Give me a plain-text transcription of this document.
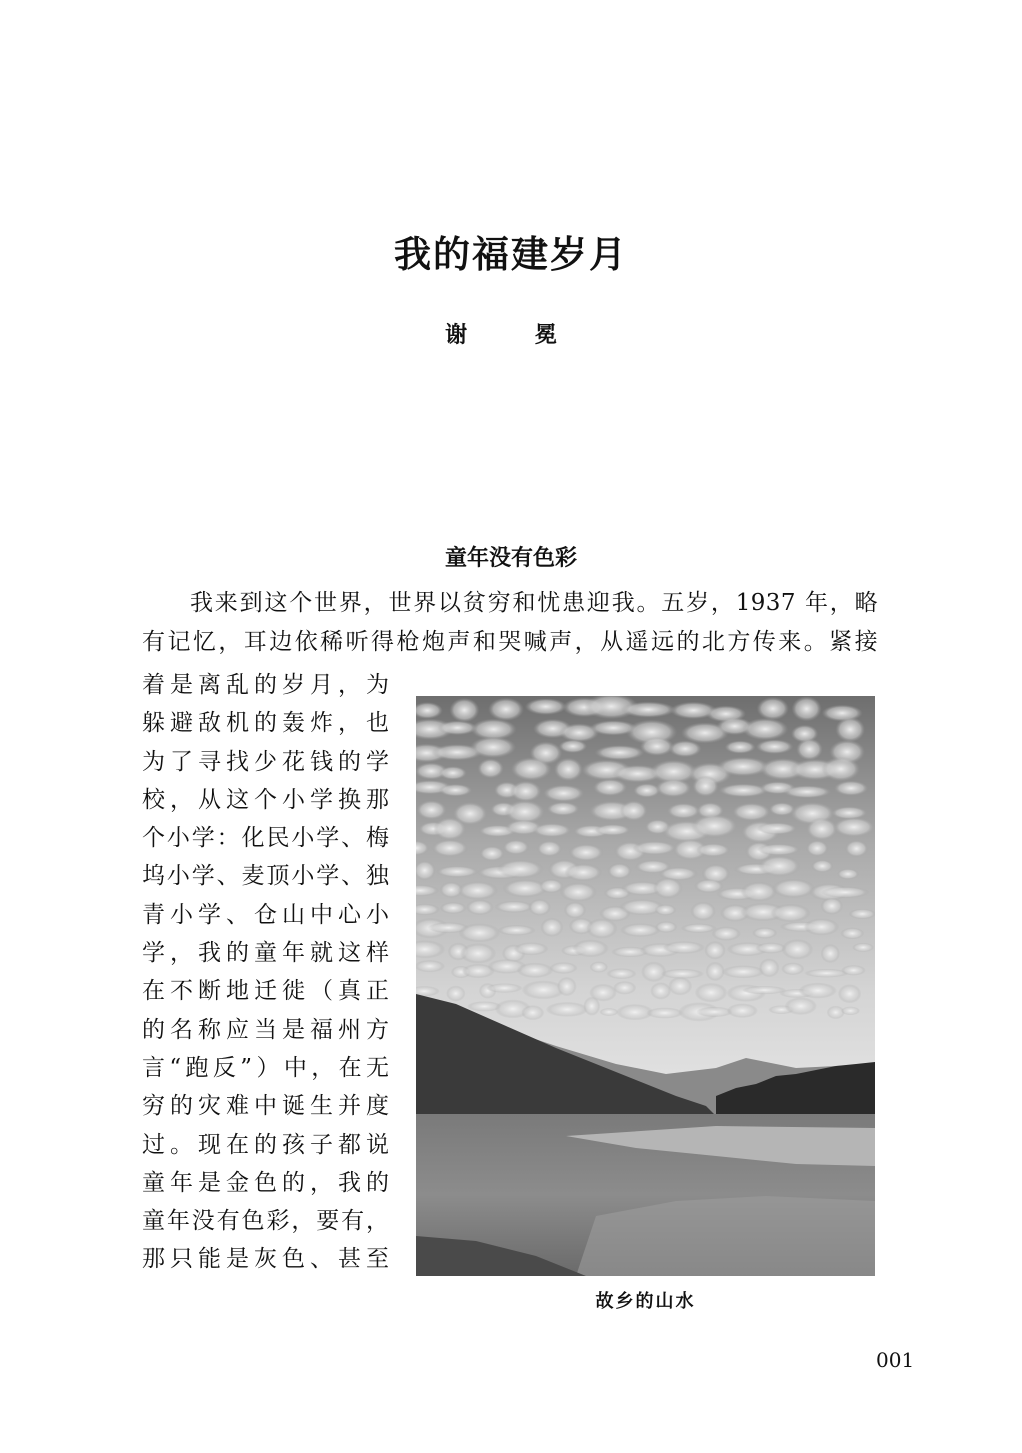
我的福建岁月
谢 冕
童年没有色彩
我来到这个世界，世界以贫穷和忧患迎我。五岁，1937 年，略
有记忆，耳边依稀听得枪炮声和哭喊声，从遥远的北方传来。紧接
着是离乱的岁月，为
躲避敌机的轰炸，也
为了寻找少花钱的学
校，从这个小学换那
个小学：化民小学、梅
坞小学、麦顶小学、独
青小学、仓山中心小
学，我的童年就这样
在不断地迁徙（真正
的名称应当是福州方
言“跑反”）中，在无
穷的灾难中诞生并度
过。现在的孩子都说
童年是金色的，我的
童年没有色彩，要有，
那只能是灰色、甚至
故乡的山水
001
